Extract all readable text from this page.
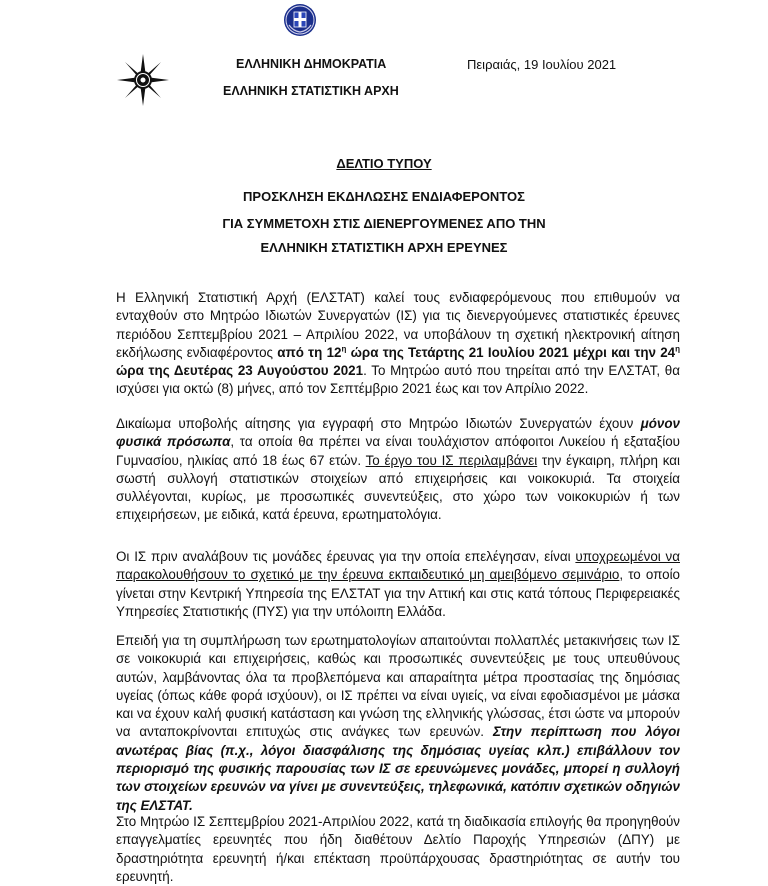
ΕΛΛΗΝΙΚΗ ΔΗΜΟΚΡΑΤΙΑ
ΕΛΛΗΝΙΚΗ ΣΤΑΤΙΣΤΙΚΗ ΑΡΧΗ
Πειραιάς, 19 Ιουλίου 2021
ΔΕΛΤΙΟ ΤΥΠΟΥ
ΠΡΟΣΚΛΗΣΗ ΕΚΔΗΛΩΣΗΣ ΕΝΔΙΑΦΕΡΟΝΤΟΣ
ΓΙΑ ΣΥΜΜΕΤΟΧΗ ΣΤΙΣ ΔΙΕΝΕΡΓΟΥΜΕΝΕΣ ΑΠΟ ΤΗΝ
ΕΛΛΗΝΙΚΗ ΣΤΑΤΙΣΤΙΚΗ ΑΡΧΗ ΕΡΕΥΝΕΣ

Η Ελληνική Στατιστική Αρχή (ΕΛΣΤΑΤ) καλεί τους ενδιαφερόμενους που επιθυμούν να ενταχθούν στο Μητρώο Ιδιωτών Συνεργατών (ΙΣ) για τις διενεργούμενες στατιστικές έρευνες περιόδου Σεπτεμβρίου 2021 – Απριλίου 2022, να υποβάλουν τη σχετική ηλεκτρονική αίτηση εκδήλωσης ενδιαφέροντος από τη $12^\eta$ ώρα της Τετάρτης 21 Ιουλίου 2021 μέχρι και την $24^\eta$ ώρα της Δευτέρας 23 Αυγούστου 2021. Το Μητρώο αυτό που τηρείται από την ΕΛΣΤΑΤ, θα ισχύσει για οκτώ (8) μήνες, από τον Σεπτέμβριο 2021 έως και τον Απρίλιο 2022.

Δικαίωμα υποβολής αίτησης για εγγραφή στο Μητρώο Ιδιωτών Συνεργατών έχουν μόνον φυσικά πρόσωπα, τα οποία θα πρέπει να είναι τουλάχιστον απόφοιτοι Λυκείου ή εξαταξίου Γυμνασίου, ηλικίας από 18 έως 67 ετών. Το έργο του ΙΣ περιλαμβάνει την έγκαιρη, πλήρη και σωστή συλλογή στατιστικών στοιχείων από επιχειρήσεις και νοικοκυριά. Τα στοιχεία συλλέγονται, κυρίως, με προσωπικές συνεντεύξεις, στο χώρο των νοικοκυριών ή των επιχειρήσεων, με ειδικά, κατά έρευνα, ερωτηματολόγια.

Οι ΙΣ πριν αναλάβουν τις μονάδες έρευνας για την οποία επελέγησαν, είναι υποχρεωμένοι να παρακολουθήσουν το σχετικό με την έρευνα εκπαιδευτικό μη αμειβόμενο σεμινάριο, το οποίο γίνεται στην Κεντρική Υπηρεσία της ΕΛΣΤΑΤ για την Αττική και στις κατά τόπους Περιφερειακές Υπηρεσίες Στατιστικής (ΠΥΣ) για την υπόλοιπη Ελλάδα.

Επειδή για τη συμπλήρωση των ερωτηματολογίων απαιτούνται πολλαπλές μετακινήσεις των ΙΣ σε νοικοκυριά και επιχειρήσεις, καθώς και προσωπικές συνεντεύξεις με τους υπευθύνους αυτών, λαμβάνοντας όλα τα προβλεπόμενα και απαραίτητα μέτρα προστασίας της δημόσιας υγείας (όπως κάθε φορά ισχύουν), οι ΙΣ πρέπει να είναι υγιείς, να είναι εφοδιασμένοι με μάσκα και να έχουν καλή φυσική κατάσταση και γνώση της ελληνικής γλώσσας, έτσι ώστε να μπορούν να ανταποκρίνονται επιτυχώς στις ανάγκες των ερευνών. Στην περίπτωση που λόγοι ανωτέρας βίας (π.χ., λόγοι διασφάλισης της δημόσιας υγείας κλπ.) επιβάλλουν τον περιορισμό της φυσικής παρουσίας των ΙΣ σε ερευνώμενες μονάδες, μπορεί η συλλογή των στοιχείων ερευνών να γίνει με συνεντεύξεις, τηλεφωνικά, κατόπιν σχετικών οδηγιών της ΕΛΣΤΑΤ.

Στο Μητρώο ΙΣ Σεπτεμβρίου 2021-Απριλίου 2022, κατά τη διαδικασία επιλογής θα προηγηθούν επαγγελματίες ερευνητές που ήδη διαθέτουν Δελτίο Παροχής Υπηρεσιών (ΔΠΥ) με δραστηριότητα ερευνητή ή/και επέκταση προϋπάρχουσας δραστηριότητας σε αυτήν του ερευνητή.
